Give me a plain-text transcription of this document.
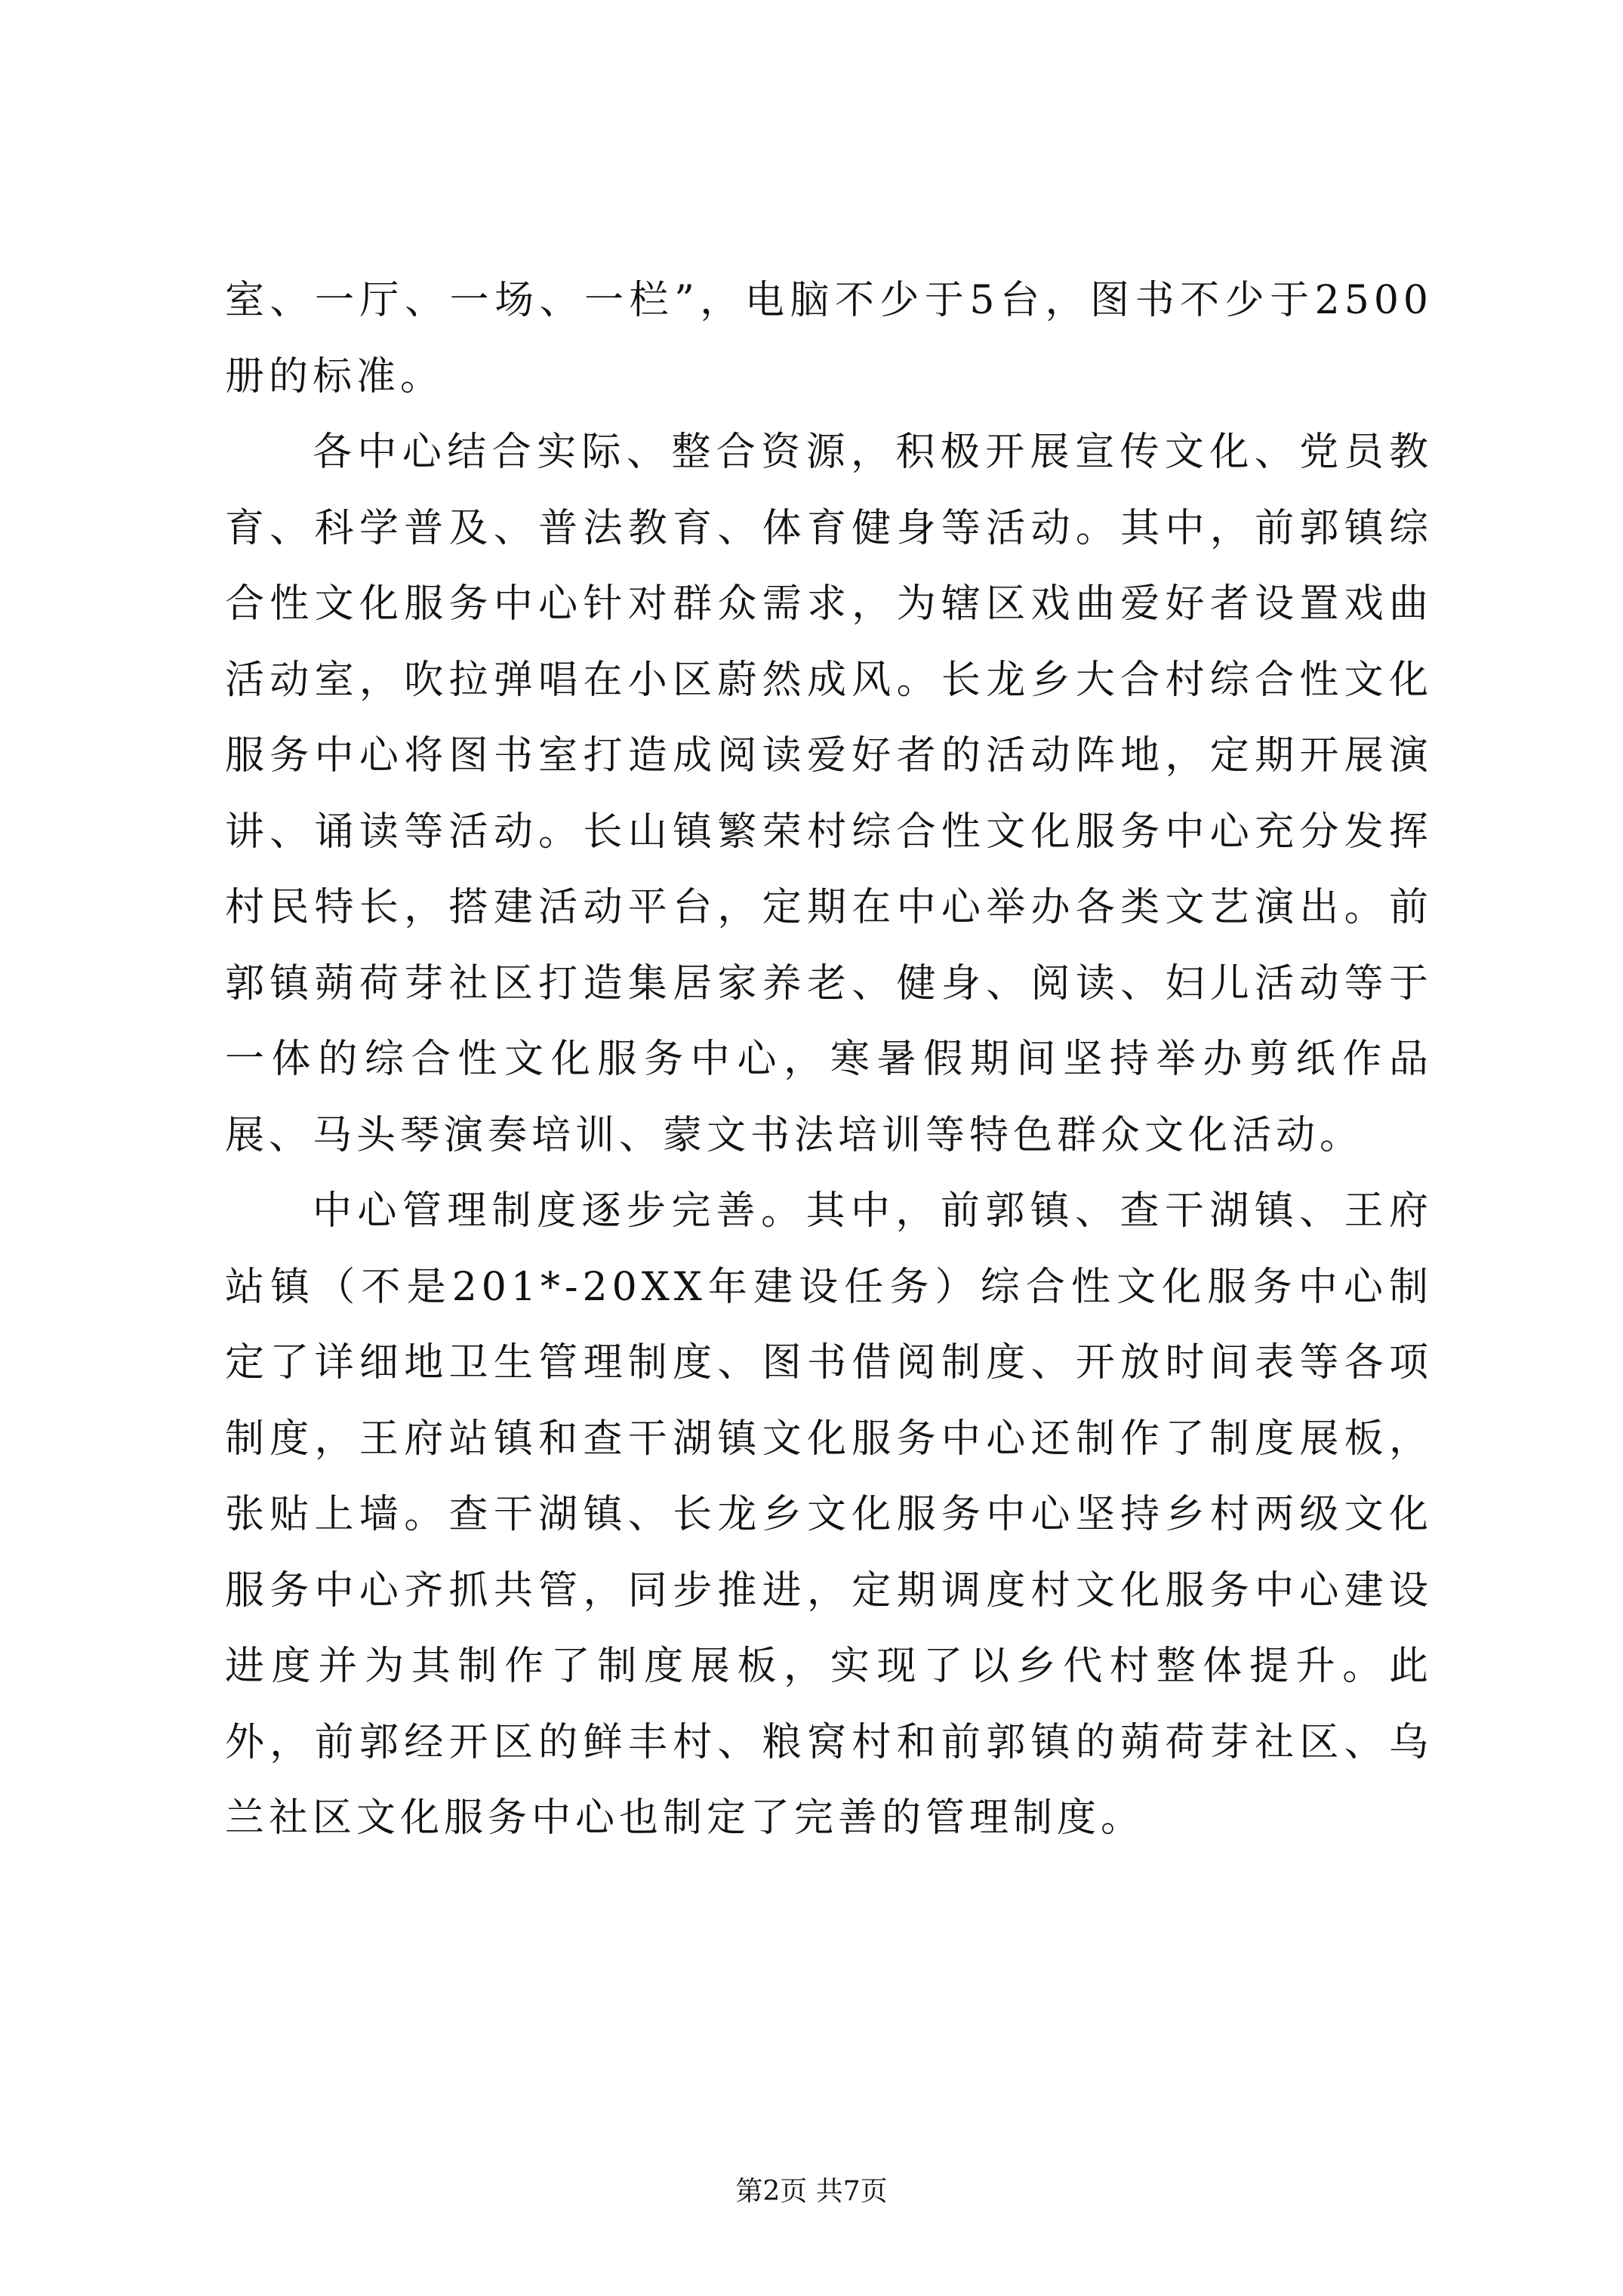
室、一厅、一场、一栏”，电脑不少于5台，图书不少于2500册的标准。

各中心结合实际、整合资源，积极开展宣传文化、党员教育、科学普及、普法教育、体育健身等活动。其中，前郭镇综合性文化服务中心针对群众需求，为辖区戏曲爱好者设置戏曲活动室，吹拉弹唱在小区蔚然成风。长龙乡大合村综合性文化服务中心将图书室打造成阅读爱好者的活动阵地，定期开展演讲、诵读等活动。长山镇繁荣村综合性文化服务中心充分发挥村民特长，搭建活动平台，定期在中心举办各类文艺演出。前郭镇蒴荷芽社区打造集居家养老、健身、阅读、妇儿活动等于一体的综合性文化服务中心，寒暑假期间坚持举办剪纸作品展、马头琴演奏培训、蒙文书法培训等特色群众文化活动。

中心管理制度逐步完善。其中，前郭镇、查干湖镇、王府站镇（不是201*-20XX年建设任务）综合性文化服务中心制定了详细地卫生管理制度、图书借阅制度、开放时间表等各项制度，王府站镇和查干湖镇文化服务中心还制作了制度展板，张贴上墙。查干湖镇、长龙乡文化服务中心坚持乡村两级文化服务中心齐抓共管，同步推进，定期调度村文化服务中心建设进度并为其制作了制度展板，实现了以乡代村整体提升。此外，前郭经开区的鲜丰村、粮窝村和前郭镇的蒴荷芽社区、乌兰社区文化服务中心也制定了完善的管理制度。

第2页 共7页
